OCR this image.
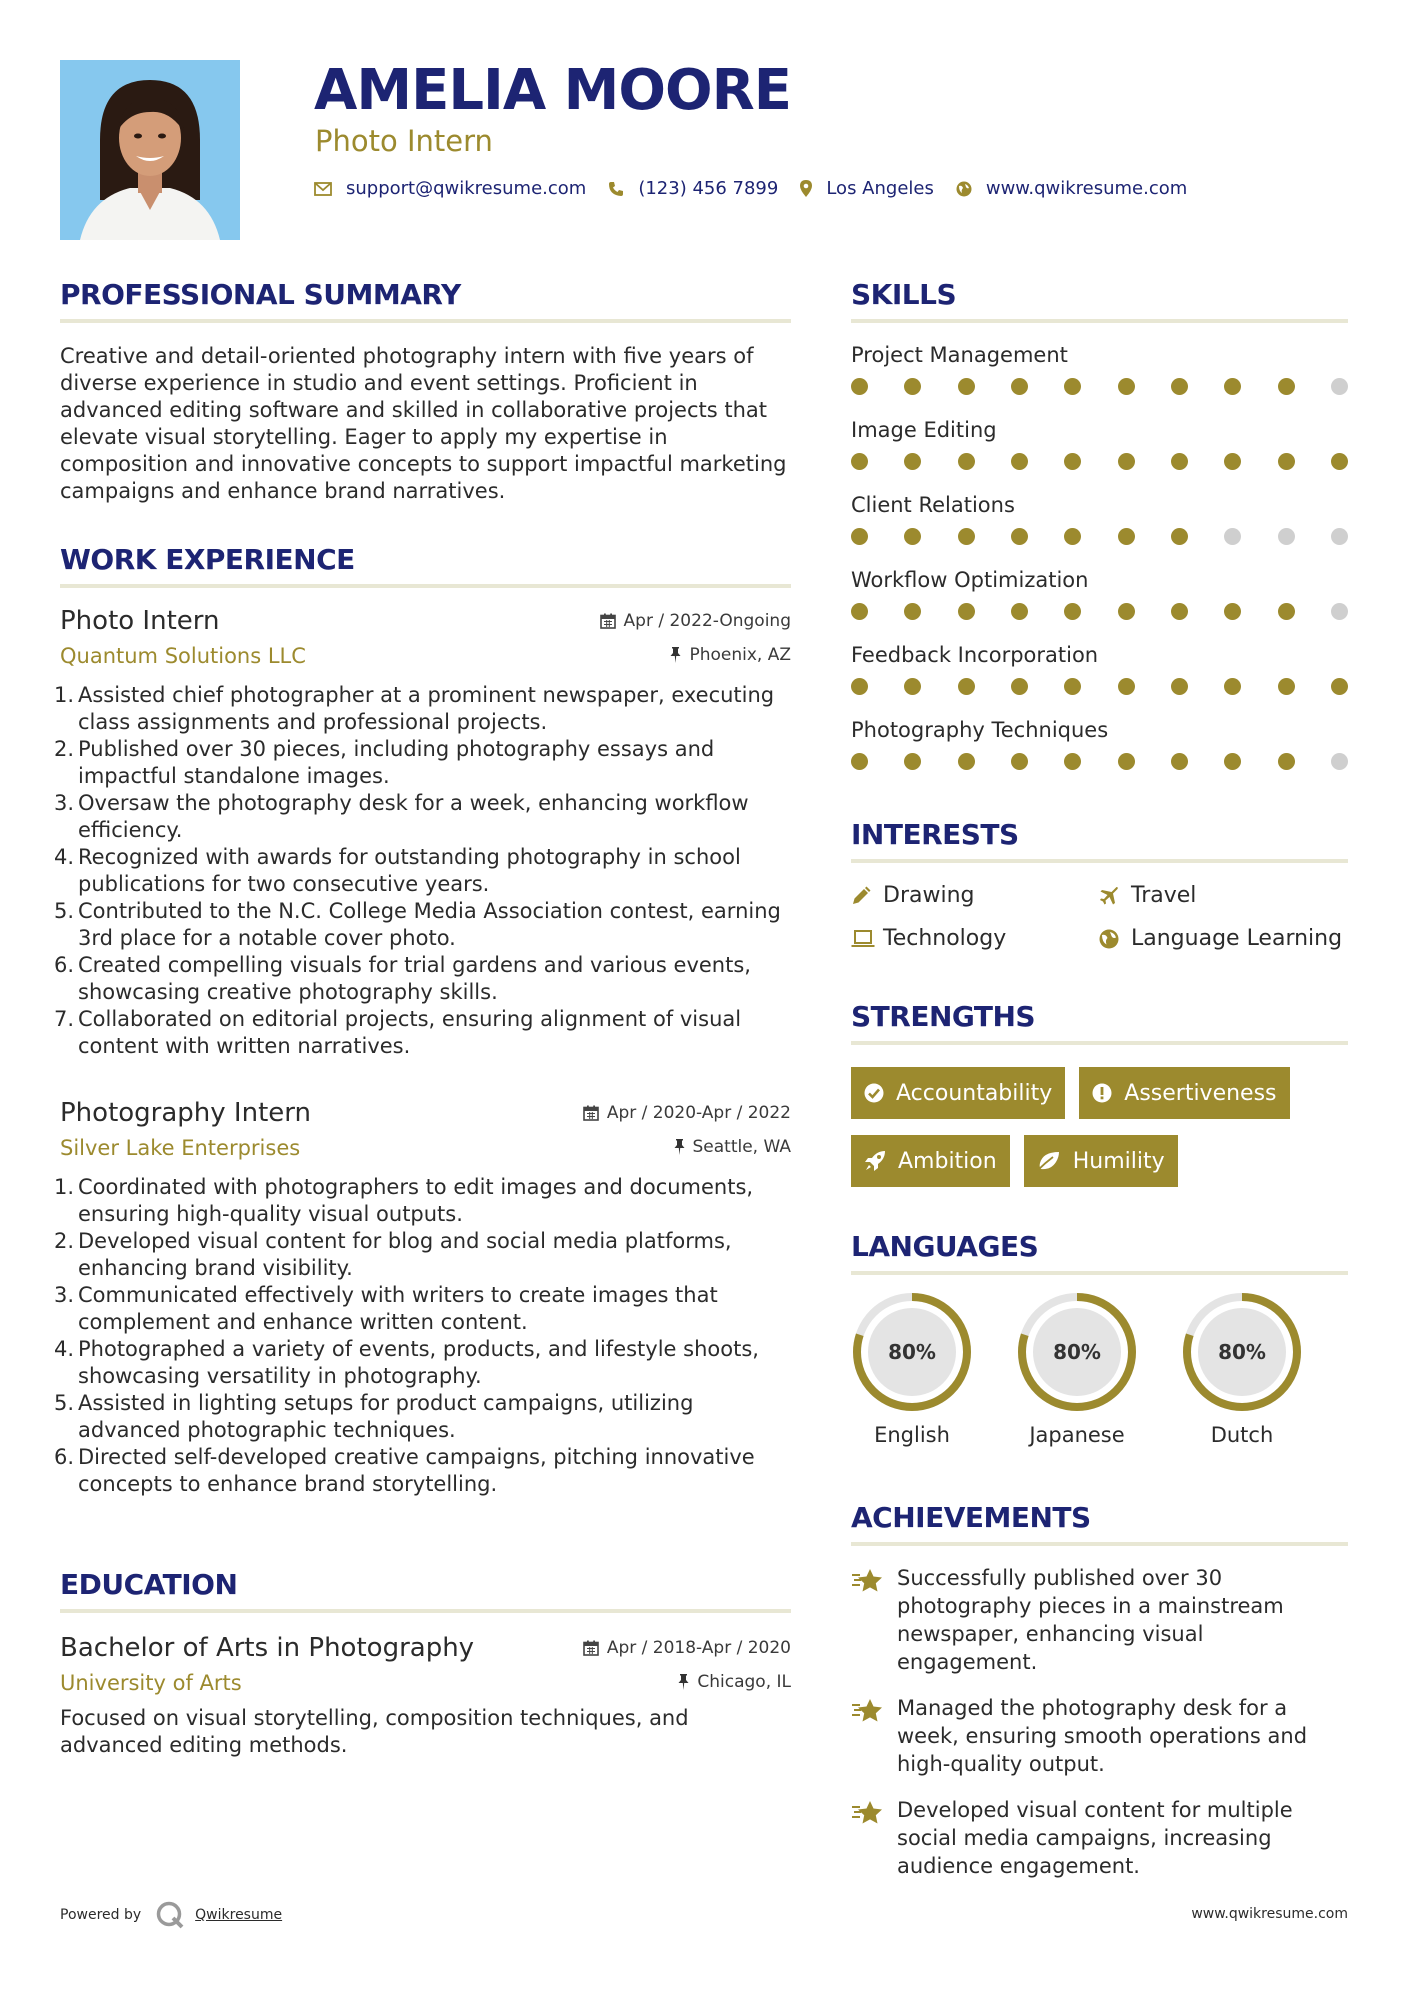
AMELIA MOORE
Photo Intern
support@qwikresume.com	(123) 456 7899	Los Angeles	www.qwikresume.com
PROFESSIONAL SUMMARY
Creative and detail-oriented photography intern with five years of diverse experience in studio and event settings. Proficient in advanced editing software and skilled in collaborative projects that elevate visual storytelling. Eager to apply my expertise in composition and innovative concepts to support impactful marketing campaigns and enhance brand narratives.
WORK EXPERIENCE
Photo Intern	Apr / 2022-Ongoing
Quantum Solutions LLC	Phoenix, AZ
1. Assisted chief photographer at a prominent newspaper, executing class assignments and professional projects.
2. Published over 30 pieces, including photography essays and impactful standalone images.
3. Oversaw the photography desk for a week, enhancing workflow efficiency.
4. Recognized with awards for outstanding photography in school publications for two consecutive years.
5. Contributed to the N.C. College Media Association contest, earning 3rd place for a notable cover photo.
6. Created compelling visuals for trial gardens and various events, showcasing creative photography skills.
7. Collaborated on editorial projects, ensuring alignment of visual content with written narratives.
Photography Intern	Apr / 2020-Apr / 2022
Silver Lake Enterprises	Seattle, WA
1. Coordinated with photographers to edit images and documents, ensuring high-quality visual outputs.
2. Developed visual content for blog and social media platforms, enhancing brand visibility.
3. Communicated effectively with writers to create images that complement and enhance written content.
4. Photographed a variety of events, products, and lifestyle shoots, showcasing versatility in photography.
5. Assisted in lighting setups for product campaigns, utilizing advanced photographic techniques.
6. Directed self-developed creative campaigns, pitching innovative concepts to enhance brand storytelling.
EDUCATION
Bachelor of Arts in Photography	Apr / 2018-Apr / 2020
University of Arts	Chicago, IL
Focused on visual storytelling, composition techniques, and advanced editing methods.
SKILLS
Project Management
Image Editing
Client Relations
Workflow Optimization
Feedback Incorporation
Photography Techniques
INTERESTS
Drawing	Travel
Technology	Language Learning
STRENGTHS
Accountability	Assertiveness
Ambition	Humility
LANGUAGES
80%
English
80%
Japanese
80%
Dutch
ACHIEVEMENTS
Successfully published over 30 photography pieces in a mainstream newspaper, enhancing visual engagement.
Managed the photography desk for a week, ensuring smooth operations and high-quality output.
Developed visual content for multiple social media campaigns, increasing audience engagement.
Powered by	Qwikresume	www.qwikresume.com
